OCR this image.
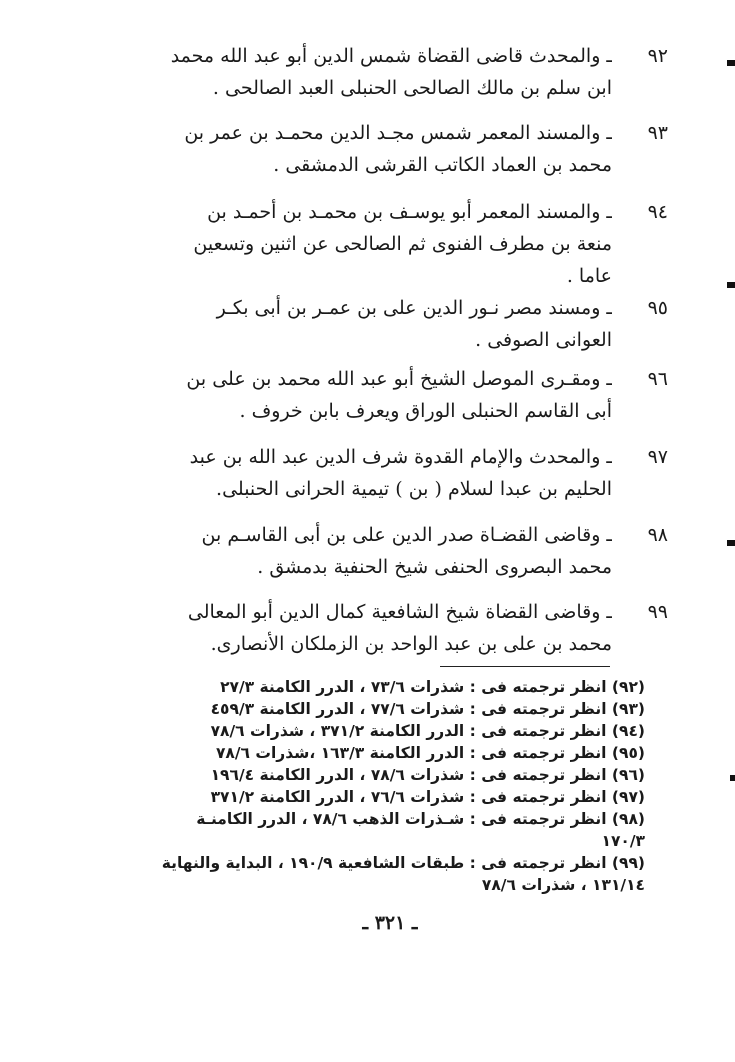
٩٢
ـ والمحدث قاضى القضاة شمس الدين أبو عبد الله محمد
ابن سلم بن مالك الصالحى الحنبلى العبد الصالحى .
٩٣
ـ والمسند المعمر شمس مجـد الدين محمـد بن عمر بن
محمد بن العماد الكاتب القرشى الدمشقى .
٩٤
ـ والمسند المعمر أبو يوسـف بن محمـد بن أحمـد بن
منعة بن مطرف الفنوى ثم الصالحى عن اثنين وتسعين
عاما .
٩٥
ـ ومسند مصر نـور الدين على بن عمـر بن أبى بكـر
العوانى الصوفى .
٩٦
ـ ومقـرى الموصل الشيخ أبو عبد الله محمد بن على بن
أبى القاسم الحنبلى الوراق ويعرف بابن خروف .
٩٧
ـ والمحدث والإمام القدوة شرف الدين عبد الله بن عبد
الحليم بن عبدا لسلام ( بن ) تيمية الحرانى الحنبلى.
٩٨
ـ وقاضى القضـاة صدر الدين على بن أبى القاسـم بن
محمد البصروى الحنفى شيخ الحنفية بدمشق .
٩٩
ـ وقاضى القضاة شيخ الشافعية كمال الدين أبو المعالى
محمد بن على بن عبد الواحد بن الزملكان الأنصارى.
(٩٢) انظر ترجمته فى : شذرات ٧٣/٦ ، الدرر الكامنة ٢٧/٣
(٩٣) انظر ترجمته فى : شذرات ٧٧/٦ ، الدرر الكامنة ٤٥٩/٣
(٩٤) انظر ترجمته فى : الدرر الكامنة ٣٧١/٢ ، شذرات ٧٨/٦
(٩٥) انظر ترجمته فى : الدرر الكامنة ١٦٣/٣ ،شذرات ٧٨/٦
(٩٦) انظر ترجمته فى : شذرات ٧٨/٦ ، الدرر الكامنة ١٩٦/٤
(٩٧) انظر ترجمته فى : شذرات ٧٦/٦ ، الدرر الكامنة ٣٧١/٢
(٩٨) انظر ترجمته فى : شـذرات الذهب ٧٨/٦ ، الدرر الكامنـة
١٧٠/٣
(٩٩) انظر ترجمته فى : طبقات الشافعية ١٩٠/٩ ، البداية والنهاية
١٣١/١٤ ، شذرات ٧٨/٦
ـ ٣٢١ ـ
